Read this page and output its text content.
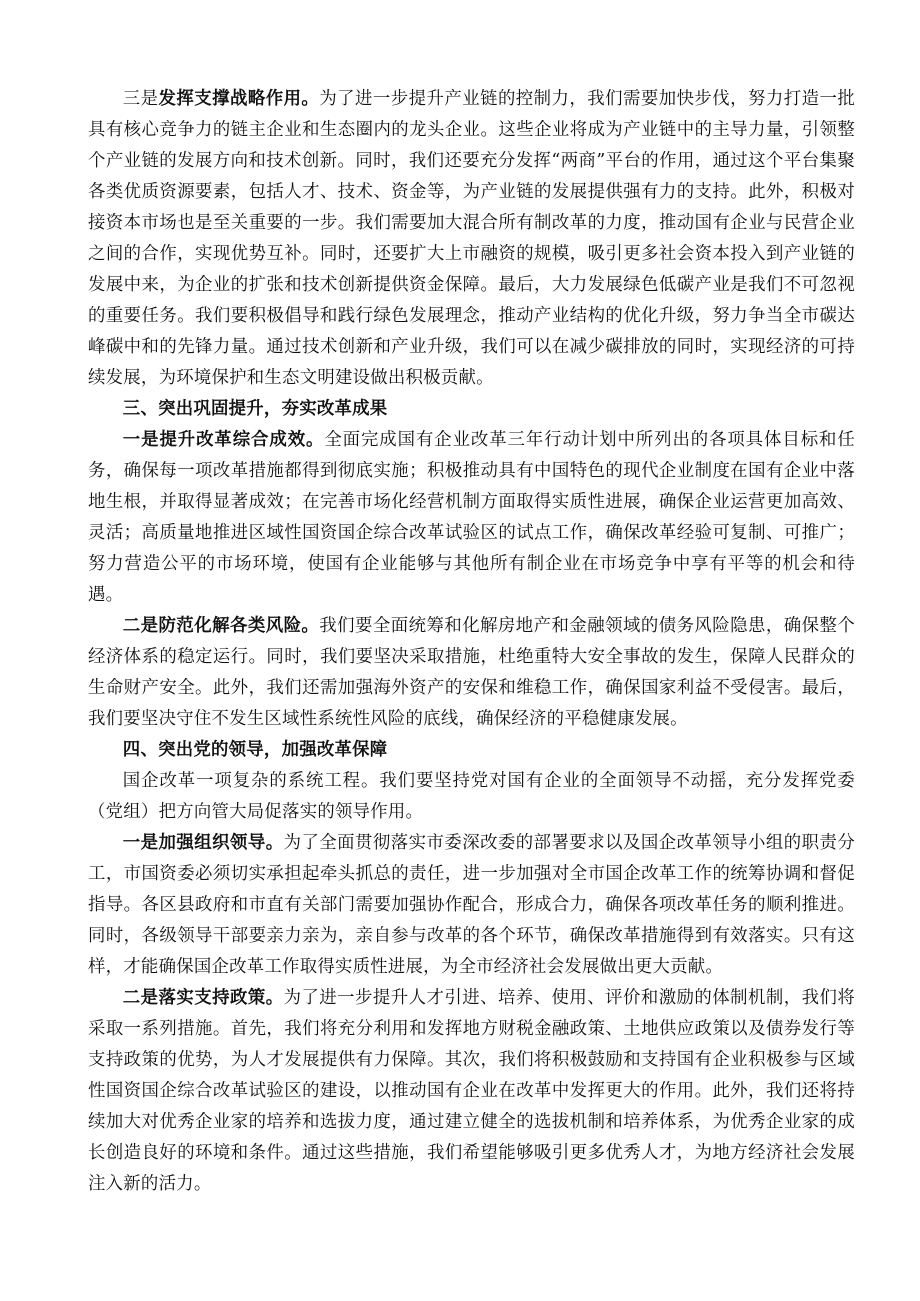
三是发挥支撑战略作用。为了进一步提升产业链的控制力，我们需要加快步伐，努力打造一批具有核心竞争力的链主企业和生态圈内的龙头企业。这些企业将成为产业链中的主导力量，引领整个产业链的发展方向和技术创新。同时，我们还要充分发挥“两商”平台的作用，通过这个平台集聚各类优质资源要素，包括人才、技术、资金等，为产业链的发展提供强有力的支持。此外，积极对接资本市场也是至关重要的一步。我们需要加大混合所有制改革的力度，推动国有企业与民营企业之间的合作，实现优势互补。同时，还要扩大上市融资的规模，吸引更多社会资本投入到产业链的发展中来，为企业的扩张和技术创新提供资金保障。最后，大力发展绿色低碳产业是我们不可忽视的重要任务。我们要积极倡导和践行绿色发展理念，推动产业结构的优化升级，努力争当全市碳达峰碳中和的先锋力量。通过技术创新和产业升级，我们可以在减少碳排放的同时，实现经济的可持续发展，为环境保护和生态文明建设做出积极贡献。

三、突出巩固提升，夯实改革成果

一是提升改革综合成效。全面完成国有企业改革三年行动计划中所列出的各项具体目标和任务，确保每一项改革措施都得到彻底实施；积极推动具有中国特色的现代企业制度在国有企业中落地生根，并取得显著成效；在完善市场化经营机制方面取得实质性进展，确保企业运营更加高效、灵活；高质量地推进区域性国资国企综合改革试验区的试点工作，确保改革经验可复制、可推广；努力营造公平的市场环境，使国有企业能够与其他所有制企业在市场竞争中享有平等的机会和待遇。

二是防范化解各类风险。我们要全面统筹和化解房地产和金融领域的债务风险隐患，确保整个经济体系的稳定运行。同时，我们要坚决采取措施，杜绝重特大安全事故的发生，保障人民群众的生命财产安全。此外，我们还需加强海外资产的安保和维稳工作，确保国家利益不受侵害。最后，我们要坚决守住不发生区域性系统性风险的底线，确保经济的平稳健康发展。

四、突出党的领导，加强改革保障

国企改革一项复杂的系统工程。我们要坚持党对国有企业的全面领导不动摇，充分发挥党委（党组）把方向管大局促落实的领导作用。

一是加强组织领导。为了全面贯彻落实市委深改委的部署要求以及国企改革领导小组的职责分工，市国资委必须切实承担起牵头抓总的责任，进一步加强对全市国企改革工作的统筹协调和督促指导。各区县政府和市直有关部门需要加强协作配合，形成合力，确保各项改革任务的顺利推进。同时，各级领导干部要亲力亲为，亲自参与改革的各个环节，确保改革措施得到有效落实。只有这样，才能确保国企改革工作取得实质性进展，为全市经济社会发展做出更大贡献。

二是落实支持政策。为了进一步提升人才引进、培养、使用、评价和激励的体制机制，我们将采取一系列措施。首先，我们将充分利用和发挥地方财税金融政策、土地供应政策以及债券发行等支持政策的优势，为人才发展提供有力保障。其次，我们将积极鼓励和支持国有企业积极参与区域性国资国企综合改革试验区的建设，以推动国有企业在改革中发挥更大的作用。此外，我们还将持续加大对优秀企业家的培养和选拔力度，通过建立健全的选拔机制和培养体系，为优秀企业家的成长创造良好的环境和条件。通过这些措施，我们希望能够吸引更多优秀人才，为地方经济社会发展注入新的活力。
